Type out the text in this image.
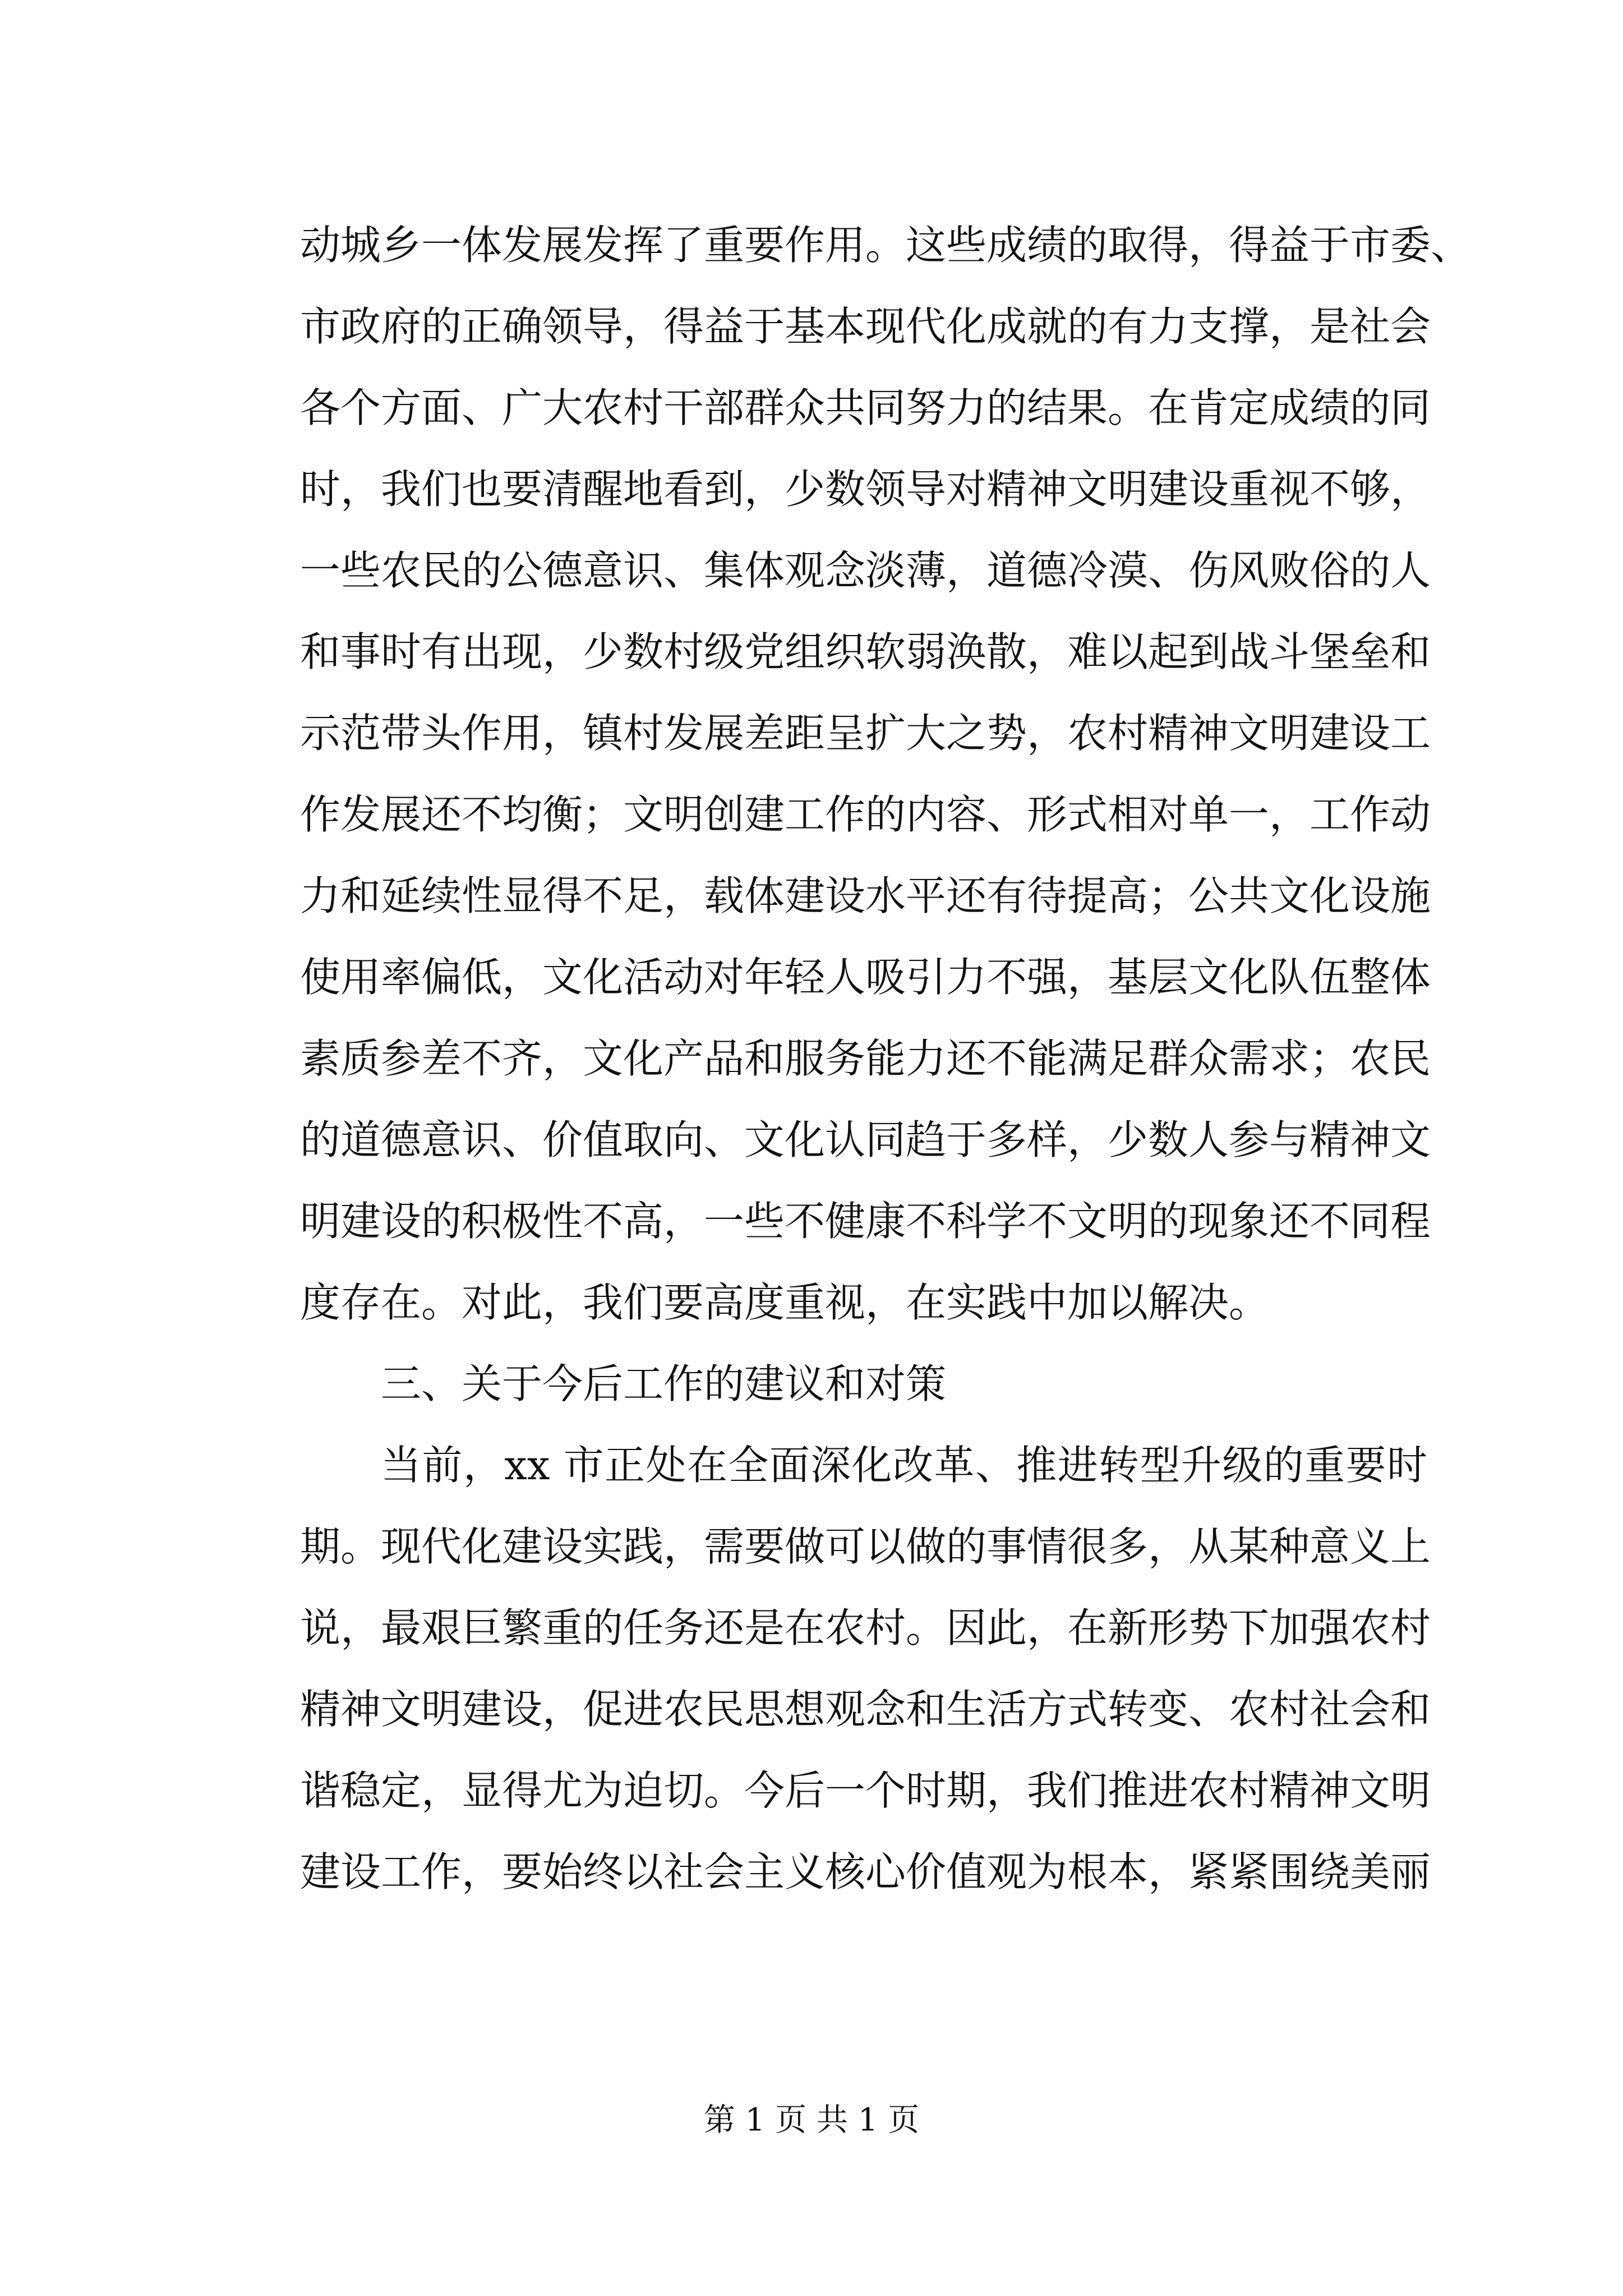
动城乡一体发展发挥了重要作用。这些成绩的取得，得益于市委、
市政府的正确领导，得益于基本现代化成就的有力支撑，是社会
各个方面、广大农村干部群众共同努力的结果。在肯定成绩的同
时，我们也要清醒地看到，少数领导对精神文明建设重视不够，
一些农民的公德意识、集体观念淡薄，道德冷漠、伤风败俗的人
和事时有出现，少数村级党组织软弱涣散，难以起到战斗堡垒和
示范带头作用，镇村发展差距呈扩大之势，农村精神文明建设工
作发展还不均衡；文明创建工作的内容、形式相对单一，工作动
力和延续性显得不足，载体建设水平还有待提高；公共文化设施
使用率偏低，文化活动对年轻人吸引力不强，基层文化队伍整体
素质参差不齐，文化产品和服务能力还不能满足群众需求；农民
的道德意识、价值取向、文化认同趋于多样，少数人参与精神文
明建设的积极性不高，一些不健康不科学不文明的现象还不同程
度存在。对此，我们要高度重视，在实践中加以解决。
三、关于今后工作的建议和对策
当前，xx 市正处在全面深化改革、推进转型升级的重要时
期。现代化建设实践，需要做可以做的事情很多，从某种意义上
说，最艰巨繁重的任务还是在农村。因此，在新形势下加强农村
精神文明建设，促进农民思想观念和生活方式转变、农村社会和
谐稳定，显得尤为迫切。今后一个时期，我们推进农村精神文明
建设工作，要始终以社会主义核心价值观为根本，紧紧围绕美丽
第 1 页 共 1 页
